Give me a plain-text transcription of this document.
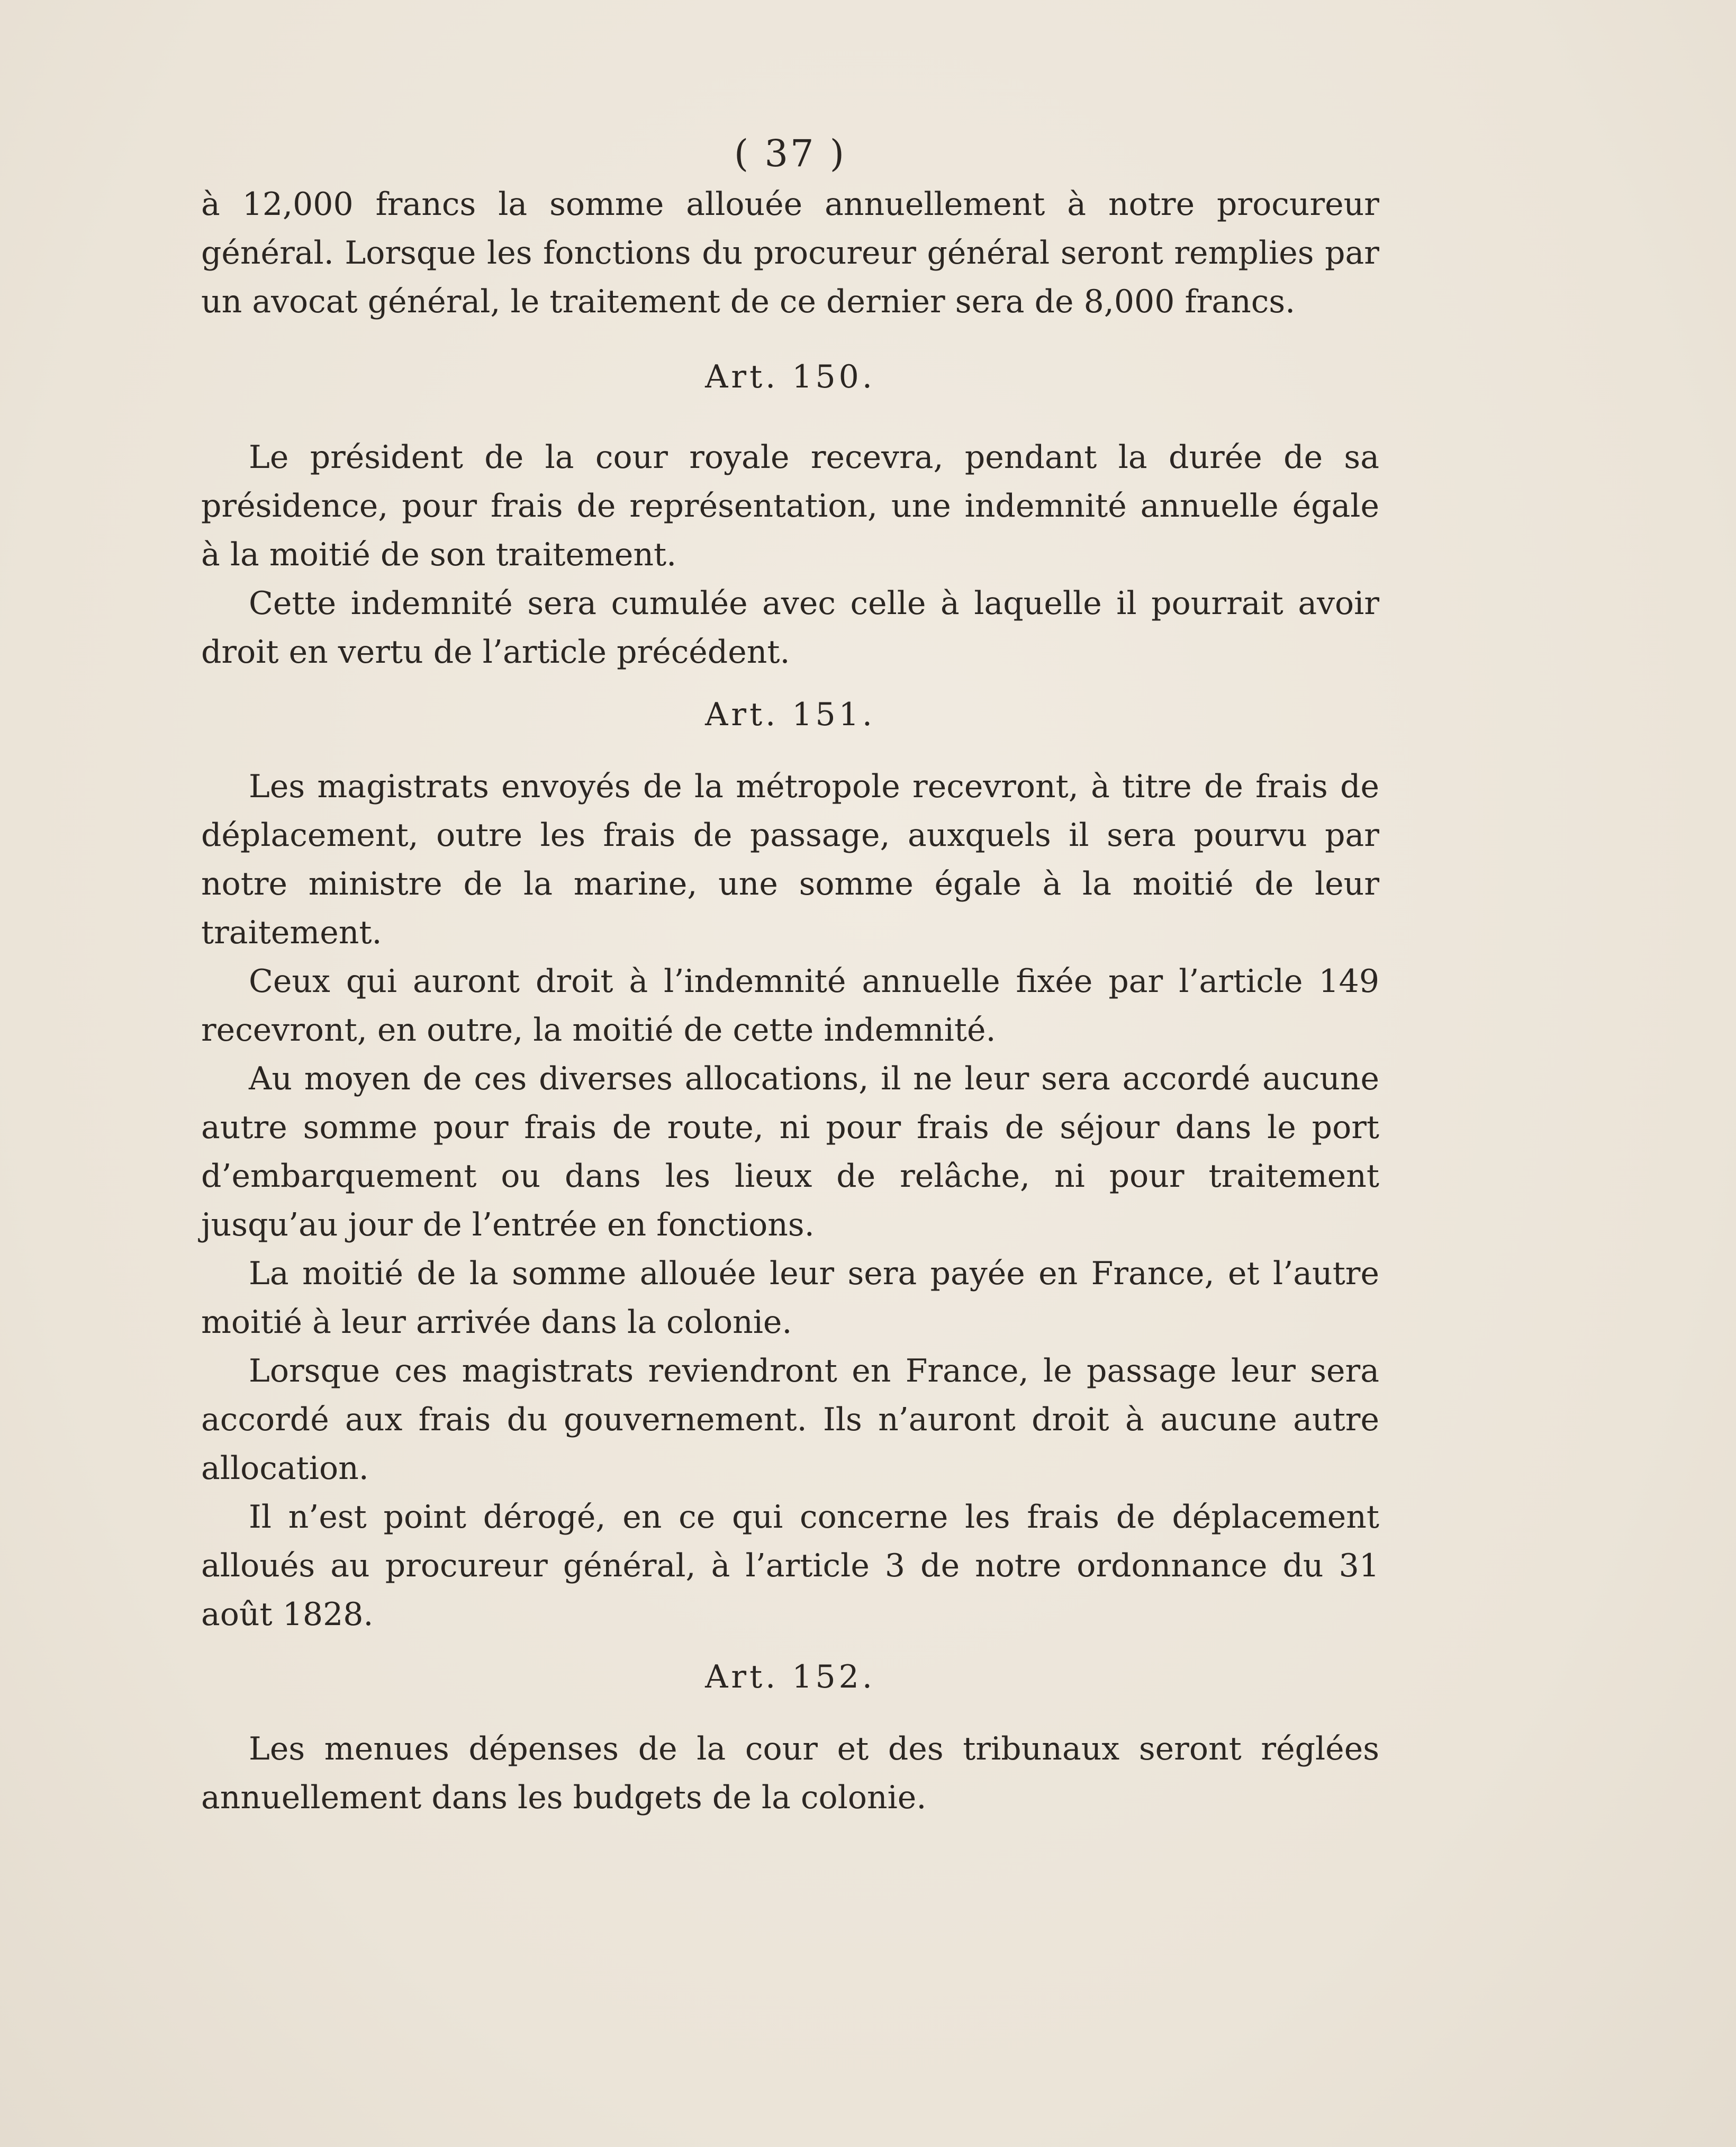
( 37 )

à 12,000 francs la somme allouée annuellement à notre procureur général. Lorsque les fonctions du procureur général seront remplies par un avocat général, le traitement de ce dernier sera de 8,000 francs.

Art. 150.

Le président de la cour royale recevra, pendant la durée de sa présidence, pour frais de représentation, une indemnité annuelle égale à la moitié de son traitement.

Cette indemnité sera cumulée avec celle à laquelle il pourrait avoir droit en vertu de l’article précédent.

Art. 151.

Les magistrats envoyés de la métropole recevront, à titre de frais de déplacement, outre les frais de passage, auxquels il sera pourvu par notre ministre de la marine, une somme égale à la moitié de leur traitement.

Ceux qui auront droit à l’indemnité annuelle fixée par l’article 149 recevront, en outre, la moitié de cette indemnité.

Au moyen de ces diverses allocations, il ne leur sera accordé aucune autre somme pour frais de route, ni pour frais de séjour dans le port d’embarquement ou dans les lieux de relâche, ni pour traitement jusqu’au jour de l’entrée en fonctions.

La moitié de la somme allouée leur sera payée en France, et l’autre moitié à leur arrivée dans la colonie.

Lorsque ces magistrats reviendront en France, le passage leur sera accordé aux frais du gouvernement. Ils n’auront droit à aucune autre allocation.

Il n’est point dérogé, en ce qui concerne les frais de déplacement alloués au procureur général, à l’article 3 de notre ordonnance du 31 août 1828.

Art. 152.

Les menues dépenses de la cour et des tribunaux seront réglées annuellement dans les budgets de la colonie.
